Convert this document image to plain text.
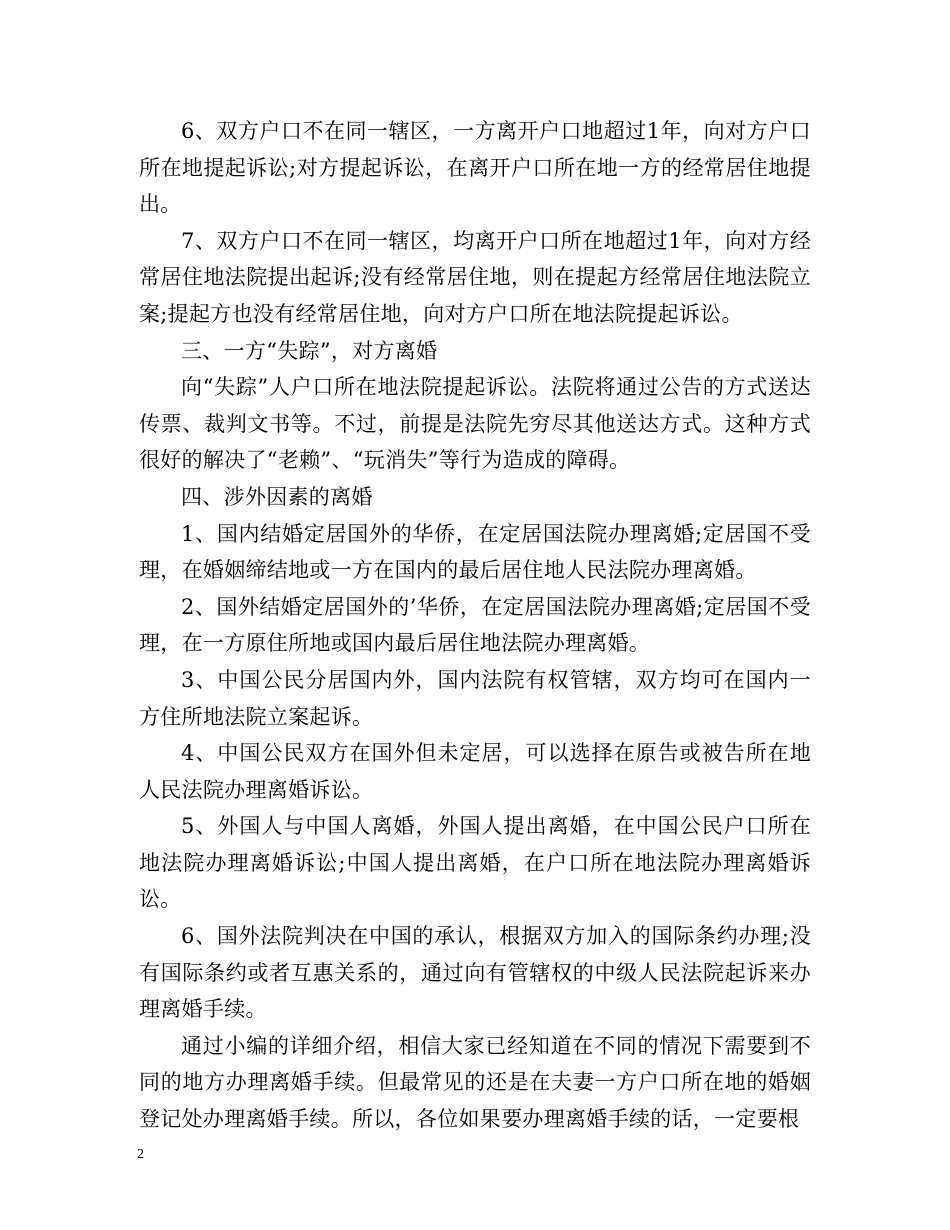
6、双方户口不在同一辖区，一方离开户口地超过1年，向对方户口所在地提起诉讼;对方提起诉讼，在离开户口所在地一方的经常居住地提出。

7、双方户口不在同一辖区，均离开户口所在地超过1年，向对方经常居住地法院提出起诉;没有经常居住地，则在提起方经常居住地法院立案;提起方也没有经常居住地，向对方户口所在地法院提起诉讼。

三、一方“失踪”，对方离婚

向“失踪”人户口所在地法院提起诉讼。法院将通过公告的方式送达传票、裁判文书等。不过，前提是法院先穷尽其他送达方式。这种方式很好的解决了“老赖”、“玩消失”等行为造成的障碍。

四、涉外因素的离婚

1、国内结婚定居国外的华侨，在定居国法院办理离婚;定居国不受理，在婚姻缔结地或一方在国内的最后居住地人民法院办理离婚。

2、国外结婚定居国外的’华侨，在定居国法院办理离婚;定居国不受理，在一方原住所地或国内最后居住地法院办理离婚。

3、中国公民分居国内外，国内法院有权管辖，双方均可在国内一方住所地法院立案起诉。

4、中国公民双方在国外但未定居，可以选择在原告或被告所在地人民法院办理离婚诉讼。

5、外国人与中国人离婚，外国人提出离婚，在中国公民户口所在地法院办理离婚诉讼;中国人提出离婚，在户口所在地法院办理离婚诉讼。

6、国外法院判决在中国的承认，根据双方加入的国际条约办理;没有国际条约或者互惠关系的，通过向有管辖权的中级人民法院起诉来办理离婚手续。

通过小编的详细介绍，相信大家已经知道在不同的情况下需要到不同的地方办理离婚手续。但最常见的还是在夫妻一方户口所在地的婚姻登记处办理离婚手续。所以，各位如果要办理离婚手续的话，一定要根

2
